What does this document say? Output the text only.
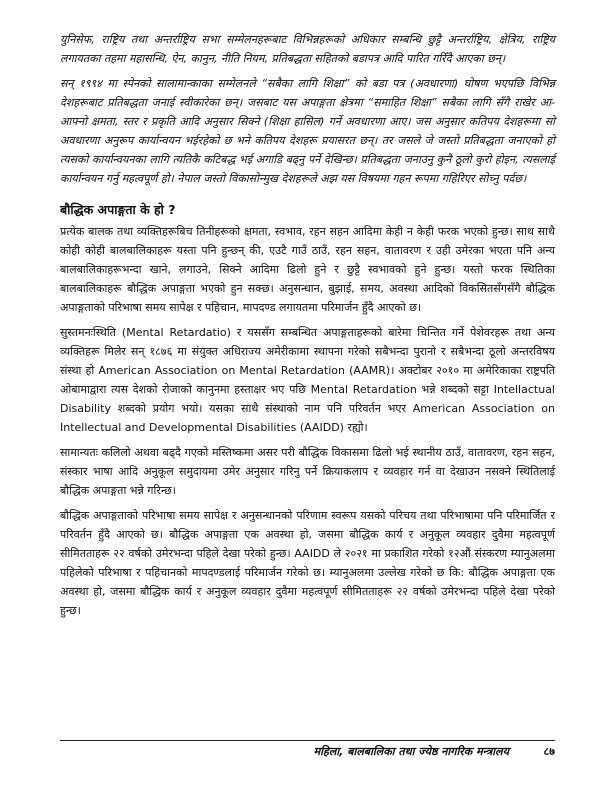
युनिसेफ, राष्ट्रिय तथा अन्तर्राष्ट्रिय सभा सम्मेलनहरूबाट विभिन्नहरूको अधिकार सम्बन्धि छुट्टै अन्तर्राष्ट्रिय, क्षेत्रिय, राष्ट्रिय लगायतका तहमा महासन्धि, ऐन, कानुन, नीति नियम, प्रतिबद्धता सहितको बडापत्र आदि पारित गरिँदै आएका छन्।

सन् १९९४ मा स्पेनको सालामान्काका सम्मेलनले “सबैका लागि शिक्षा” को बडा पत्र (अवधारणा) घोषण भएपछि विभिन्न देशहरूबाट प्रतिबद्धता जनाई स्वीकारेका छन्। जसबाट यस अपाङ्गता क्षेत्रमा “समाहित शिक्षा” सबैका लागि सँगै राखेर आ-आफ्नो क्षमता, स्तर र प्रकृति आदि अनुसार सिक्ने (शिक्षा हासिल) गर्ने अवधारणा आए। जस अनुसार कतिपय देशहरूमा सो अवधारणा अनुरूप कार्यान्वयन भईरहेको छ भने कतिपय देशहरू प्रयासरत छन्। तर जसले जे जस्तो प्रतिबद्धता जनाएको हो त्यसको कार्यान्वयनका लागि त्यतिकै कटिबद्ध भई अगाडि बढ्नु पर्ने देखिन्छ। प्रतिबद्धता जनाउनु कुनै ठूलो कुरो होइन, त्यसलाई कार्यान्वयन गर्नु महत्वपूर्ण हो। नेपाल जस्तो विकासोन्मुख देशहरूले अझ यस विषयमा गहन रूपमा गहिरिएर सोच्नु पर्दछ।

बौद्धिक अपाङ्गता के हो ?

प्रत्येक बालक तथा व्यक्तिहरूबिच तिनीहरूको क्षमता, स्वभाव, रहन सहन आदिमा केही न केही फरक भएको हुन्छ। साथ साथै कोही कोही बालबालिकाहरू यस्ता पनि हुन्छन् की, एउटै गाउँ ठाउँ, रहन सहन, वातावरण र उही उमेरका भएता पनि अन्य बालबालिकाहरूभन्दा खाने, लगाउने, सिक्ने आदिमा ढिलो हुने र छुट्टै स्वभावको हुने हुन्छ। यस्तो फरक स्थितिका बालबालिकाहरू बौद्धिक अपाङ्गता भएको हुन सक्छ। अनुसन्धान, बुझाई, समय, अवस्था आदिको विकसितसँगसँगै बौद्धिक अपाङ्गताको परिभाषा समय सापेक्ष र पहिचान, मापदण्ड लगायतमा परिमार्जन हुँदै आएको छ।

सुस्तमनःस्थिति (Mental Retardatio) र यससँग सम्बन्धित अपाङ्गताहरूको बारेमा चिन्तित गर्ने पेशेवरहरू तथा अन्य व्यक्तिहरू मिलेर सन् १८७६ मा संयुक्त अधिराज्य अमेरीकामा स्थापना गरेको सबैभन्दा पुरानो र सबैभन्दा ठूलो अन्तरविषय संस्था हो American Association on Mental Retardation (AAMR)। अक्टोबर २०१० मा अमेरिकाका राष्ट्रपति ओबामाद्वारा त्यस देशको रोजाको कानुनमा हस्ताक्षर भए पछि Mental Retardation भन्ने शब्दको सट्टा Intellactual Disability शब्दको प्रयोग भयो। यसका साथै संस्थाको नाम पनि परिवर्तन भएर American Association on Intellectual and Developmental Disabilities (AAIDD) रह्यो।

सामान्यतः कलिलो अथवा बढ्दै गएको मस्तिष्कमा असर परी बौद्धिक विकासमा ढिलो भई स्थानीय ठाउँ, वातावरण, रहन सहन, संस्कार भाषा आदि अनुकूल समुदायमा उमेर अनुसार गरिनु पर्ने क्रियाकलाप र व्यवहार गर्न वा देखाउन नसक्ने स्थितिलाई बौद्धिक अपाङ्गता भन्ने गरिन्छ।

बौद्धिक अपाङ्गताको परिभाषा समय सापेक्ष र अनुसन्धानको परिणाम स्वरूप यसको परिचय तथा परिभाषामा पनि परिमार्जित र परिवर्तन हुँदै आएको छ। बौद्धिक अपाङ्गता एक अवस्था हो, जसमा बौद्धिक कार्य र अनुकूल व्यवहार दुवैमा महत्वपूर्ण सीमितताहरू २२ वर्षको उमेरभन्दा पहिले देखा परेको हुन्छ। AAIDD ले २०२१ मा प्रकाशित गरेको १२औं संस्करण म्यानुअलमा पहिलेको परिभाषा र पहिचानको मापदण्डलाई परिमार्जन गरेको छ। म्यानुअलमा उल्लेख गरेको छ कि: बौद्धिक अपाङ्गता एक अवस्था हो, जसमा बौद्धिक कार्य र अनुकूल व्यवहार दुवैमा महत्वपूर्ण सीमितताहरू २२ वर्षको उमेरभन्दा पहिले देखा परेको हुन्छ।

महिला, बालबालिका तथा ज्येष्ठ नागरिक मन्त्रालय	८७
